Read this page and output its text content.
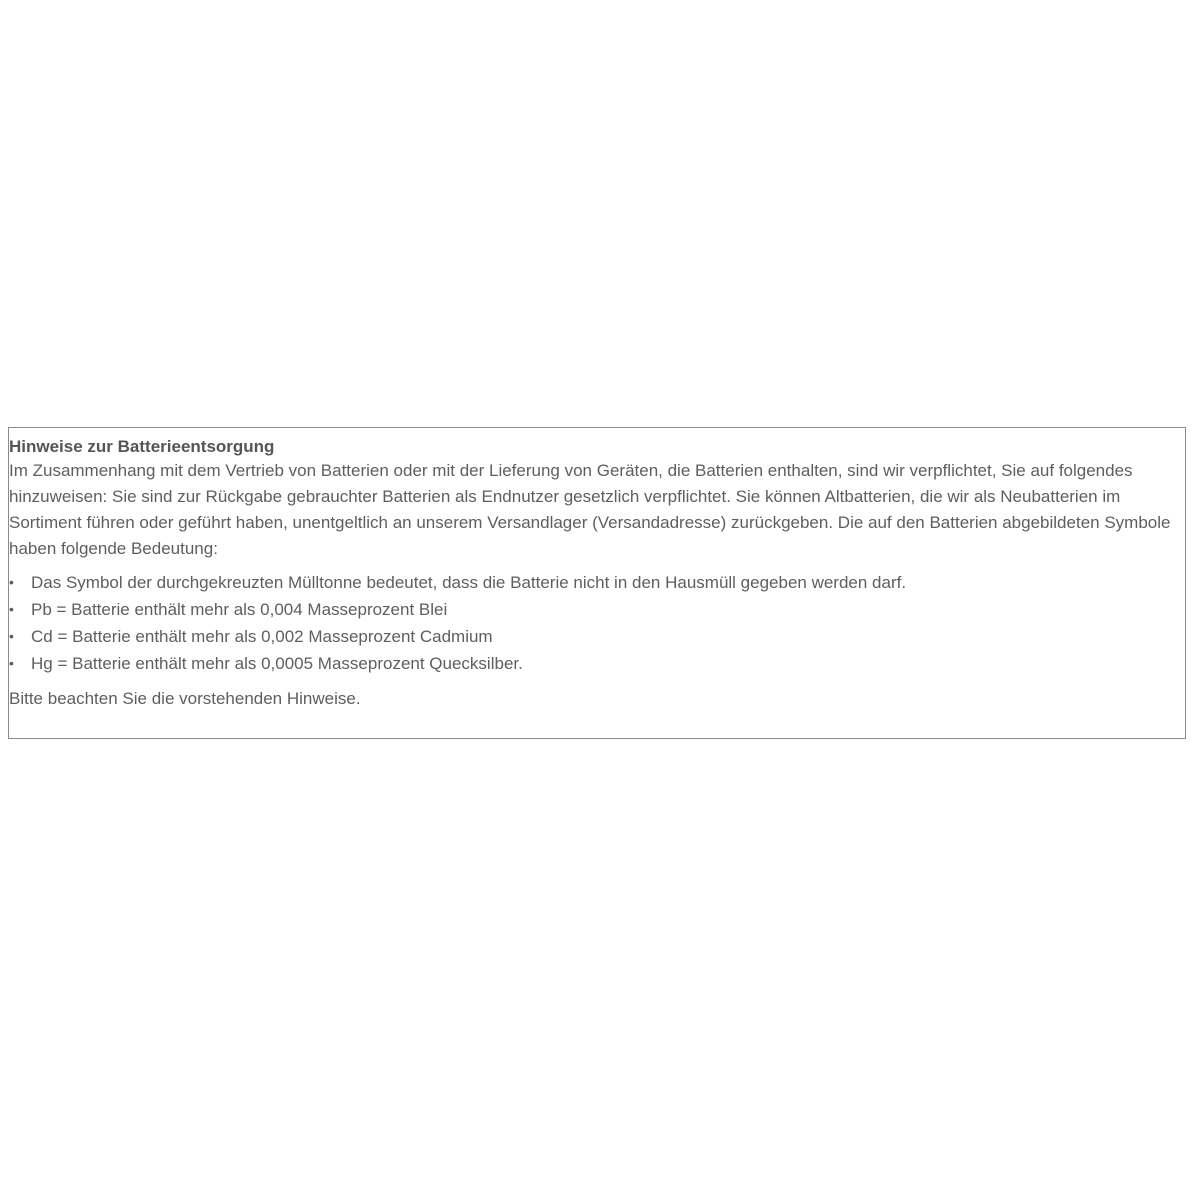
Hinweise zur Batterieentsorgung

Im Zusammenhang mit dem Vertrieb von Batterien oder mit der Lieferung von Geräten, die Batterien enthalten, sind wir verpflichtet, Sie auf folgendes hinzuweisen: Sie sind zur Rückgabe gebrauchter Batterien als Endnutzer gesetzlich verpflichtet. Sie können Altbatterien, die wir als Neubatterien im Sortiment führen oder geführt haben, unentgeltlich an unserem Versandlager (Versandadresse) zurückgeben. Die auf den Batterien abgebildeten Symbole haben folgende Bedeutung:

• Das Symbol der durchgekreuzten Mülltonne bedeutet, dass die Batterie nicht in den Hausmüll gegeben werden darf.
• Pb = Batterie enthält mehr als 0,004 Masseprozent Blei
• Cd = Batterie enthält mehr als 0,002 Masseprozent Cadmium
• Hg = Batterie enthält mehr als 0,0005 Masseprozent Quecksilber.

Bitte beachten Sie die vorstehenden Hinweise.
